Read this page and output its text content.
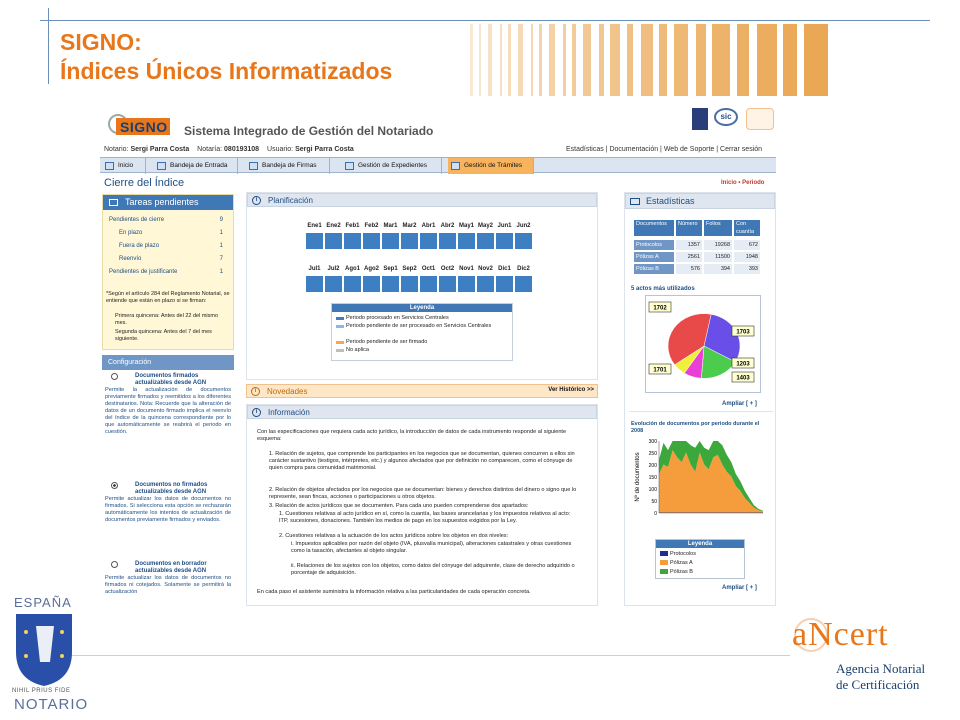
SIGNO:
Índices Únicos Informatizados
SIGNO Sistema Integrado de Gestión del Notariado
sic
Notario: Sergi Parra Costa Notaría: 080193108 Usuario: Sergi Parra Costa	Estadísticas | Documentación | Web de Soporte | Cerrar sesión
Inicio	Bandeja de Entrada	Bandeja de Firmas	Gestión de Expedientes	Gestión de Trámites
Cierre del Índice	Inicio • Periodo
Tareas pendientes
Pendientes de cierre	9
En plazo	1
Fuera de plazo	1
Reenvío	7
Pendientes de justificante	1
*Según el artículo 284 del Reglamento Notarial, se entiende que están en plazo si se firman:
Primera quincena: Antes del 22 del mismo mes.
Segunda quincena: Antes del 7 del mes siguiente.
Configuración
Documentos firmados actualizables desde AGN
Permite la actualización de documentos previamente firmados y reemitidos a los diferentes destinatarios. Nota: Recuerde que la alteración de datos de un documento firmado implica el reenvío del índice de la quincena correspondiente por lo que automáticamente se reabrirá el periodo en cuestión.
Documentos no firmados actualizables desde AGN
Permite actualizar los datos de documentos no firmados. Si selecciona esta opción se rechazarán automáticamente los intentos de actualización de documentos previamente firmados y enviados.
Documentos en borrador actualizables desde AGN
Permite actualizar los datos de documentos no firmados ni cotejados. Solamente se permitirá la actualización
i	Planificación
Ene1 Ene2 Feb1 Feb2 Mar1 Mar2 Abr1 Abr2 May1 May2 Jun1 Jun2
Jul1	Jul2 Ago1 Ago2 Sep1 Sep2 Oct1 Oct2 Nov1 Nov2 Dic1	Dic2
Leyenda
Periodo procesado en Servicios Centrales
Periodo pendiente de ser procesado en Servicios Centrales
Periodo pendiente de ser firmado
No aplica
i	Novedades	Ver Histórico >>
i	Información
Con las especificaciones que requiera cada acto jurídico, la introducción de datos de cada instrumento responde al siguiente esquema:
1. Relación de sujetos, que comprende los participantes en los negocios que se documentan, quienes concurren a ellos sin carácter sustantivo (testigos, intérpretes, etc.) y algunos afectados que por definición no comparecen, como el cónyuge de quien compra para comunidad matrimonial.
2. Relación de objetos afectados por los negocios que se documentan: bienes y derechos distintos del dinero o signo que lo represente, sean fincas, acciones o participaciones u otros objetos.
3. Relación de actos jurídicos que se documenten. Para cada uno pueden comprenderse dos apartados:
1. Cuestiones relativas al acto jurídico en sí, como la cuantía, las bases arancelarias y los impuestos relativos al acto: ITP, sucesiones, donaciones. También los medios de pago en los supuestos exigidos por la Ley.
2. Cuestiones relativas a la actuación de los actos jurídicos sobre los objetos en dos niveles:
i. Impuestos aplicables por razón del objeto (IVA, plusvalía municipal), alteraciones catastrales y otras cuestiones como la tasación, afectantes al objeto singular.
ii. Relaciones de los sujetos con los objetos, como datos del cónyuge del adquirente, clase de derecho adquirido o porcentaje de adquisición.
En cada paso el asistente suministra la información relativa a las particularidades de cada operación concreta.
Estadísticas
Documentos	Número	Folios	Con cuantía
Protocolos	1357	19268	672
Pólizas A	2561	11500	1948
Pólizas B	576	394	393
5 actos más utilizados
1702
1703
1203
1403
1701
Ampliar [ + ]
Evolución de documentos por periodo durante el 2008
Nº de documentos
0
50
100
150
200
250
300
Leyenda
Protocolos
Pólizas A
Pólizas B
Ampliar [ + ]
ESPAÑA
NIHIL PRIUS FIDE
NOTARIO
aNcert
Agencia Notarial
de Certificación
